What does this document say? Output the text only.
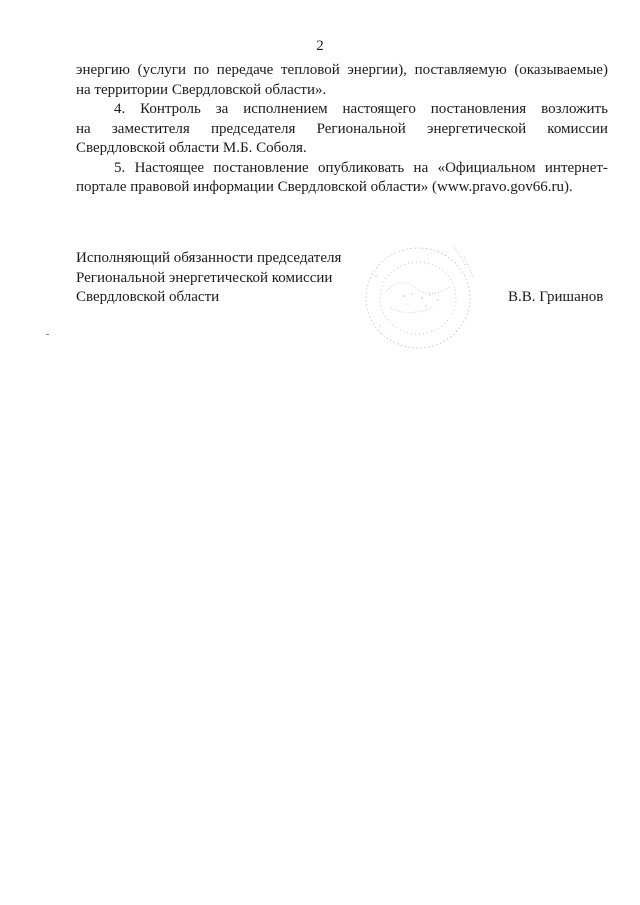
2
энергию (услуги по передаче тепловой энергии), поставляемую (оказываемые)
на территории Свердловской области».
4. Контроль за исполнением настоящего постановления возложить
на заместителя председателя Региональной энергетической комиссии
Свердловской области М.Б. Соболя.
5. Настоящее постановление опубликовать на «Официальном интернет-
портале правовой информации Свердловской области» (www.pravo.gov66.ru).
Исполняющий обязанности председателя
Региональной энергетической комиссии
Свердловской области	В.В. Гришанов
